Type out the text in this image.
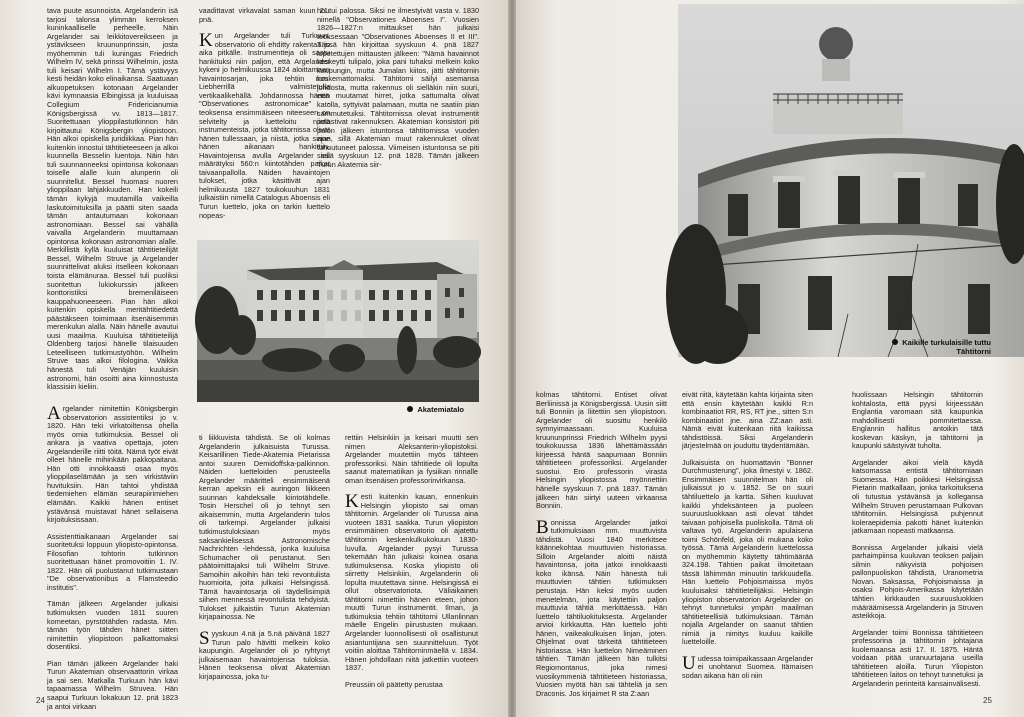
tava puute asunnoista. Argelanderin isä tarjosi talonsa ylimmän kerroksen kuninkaalliselle perheelle. Näin Argelander sai leikkitovereikseen ja ystävikseen kruununprinssin, josta myöhemmin tuli kuningas Friedrich Wilhelm IV, sekä prinssi Wilhelmin, josta tuli keisari Wilhelm I. Tämä ystävyys kesti heidän koko elinaikansa. Saatuaan alkuopetuksen kotonaan Argelander kävi kymnaasia Elbingissä ja kuuluisaa Collegium Fridericianumia Königsbergissä vv. 1813—1817. Suoritettuaan ylioppilastutkinnon hän kirjoittautui Königsbergin yliopistoon. Hän alkoi opiskella juridiikkaa. Pian hän kuitenkin innostui tähtitieteeseen ja alkoi kuunnella Besselin luentoja. Näin hän tuli suunnanneeksi opintonsa kokonaan toiselle alalle kuin alunperin oli suunnitellut. Bessel huomasi nuoren ylioppilaan lahjakkuuden. Han kokeili tämän kykyjä muutamilla vaikeilla laskutoimituksilla ja päätti siten saada tämän antautumaan kokonaan astronomiaan. Bessel sai vähällä vaivalla Argelanderin muuttamaan opintonsa kokonaan astronomian alalle. Merkillistä kyllä kuuluisat tähtitieteilijät Bessel, Wilhelm Struve ja Argelander suunnittelivat aluksi itselleen kokonaan toista elämänuraa. Bessel tuli puoliksi suoritettun lukiokurssin jälkeen konttoristiksi bremeniläiseen kauppahuoneeseen. Pian hän alkoi kuitenkin opiskella meritähtitiedettä päästäkseen toimimaan itsenäisemmin merenkulun alalla. Näin hänelle avautui uusi maailma. Kuuluisa tähtitieteilijä Oldenberg tarjosi hänelle tilaisuuden Leteelliseen tutkimustyöhön. Wilhelm Struve taas alkoi filologina. Vaikka hänestä tuli Venäjän kuuluisin astronomi, hän osoitti aina kiinnostusta klassisiin kieliin.

Argelander nimitettiin Königsbergin observatorion assistentiksi jo v. 1820. Hän teki virkatoiltensa ohella myös omia tutkimuksia. Bessel oli ankara ja vaativa opettaja, joten Argelanderille riitti töitä. Nämä työt eivät olleet hänelle mihinkään pakkopaitana. Hän otti innokkaasti osaa myös ylioppilaselämään ja sen virkistäviin huvituksiin. Hän tahtoi yhdistää tiedemiehen elämän seurapiirimiehen elämään. Kaikki hänen entiset ystävänsä muistavat hänet sellaisena kirjoituksissaan.

Assistenttiaikanaan Argelander sai suoritetuksi loppuun yliopisto-opintonsa. Filosofian tohtorin tutkinnon suoritettuaan hänet promovoitiin 1. IV. 1822. Hän oli puolustanut tutkimustaan "De observationibus a Flamsteedio institutis".

Tämän jälkeen Argelander julkaisi tutkimuksen vuoden 1811 suuren komeetan, pyrstötähden radasta. Mm. tämän työn tähden hänet siitten nimitettiin yliopistoon palkattomaksi dosentiksi.

Pian tämän jälkeen Argelander haki Turun Akatemian observaattorin virkaa ja sai sen. Matkalla Turkuun hän kävi tapaamassa Wilhelm Struvea. Hän saapui Turkuun lokakuun 12. pnä 1823 ja antoi virkaan

vaadittavat virkavalat saman kuun 21. pnä.

Kun Argelander tuli Turkuun, observatorio oli ehditty rakentaa jo aika pitkälle. Instrumentteja oli saatu hankituksi niin paljon, että Argelander kykeni jo helmikuussa 1824 aloittamaan havaintosarjan, joka tehtiin mm. Liebherrillä valmistetulla vertikaalikehällä. Johdannossa hänen "Observationes astronomicae" -teoksensa ensimmäiseen niteeseen on selvitelty ja luetteloitu niistä instrumenteista, jotka tähtitornissa olivat hänen tullessaan, ja niistä, jotka sinne hänen aikanaan hankittiin. Havaintojensa avulla Argelander sai määrätyksi 560:n kiintotähden paikat taivaanpallolla. Näiden havaintojen tulokset, jotka käsittivät ajan helmikuusta 1827 toukokuuhun 1831 julkaistiin nimellä Catalogus Aboensis eli Turun luettelo, joka on tarkin luettelo nopeas-

houtui palossa. Siksi ne ilmestyivät vasta v. 1830 nimellä "Observationes Aboenses I". Vuosien 1826—1827:n mittaukset hän julkaisi teoksessaan "Observationes Aboenses II et III". Tässä hän kirjoittaa syyskuun 4. pnä 1827 lopetettujen mittausten jälkeen: "Nämä havainnot keskeytti tulipalo, joka pani tuhaksi melkein koko kaupungin, mutta Jumalan kiitos, jätti tähtitornin koskemattomaksi. Tähtitorni säilyi asemansa johdosta, mutta rakennus oli sielläkin niin suuri, että muutamat hirret, jotka sattumalta olivat katolla, syttyivät palamaan, mutta ne saatiin pian sammutetuiksi. Tähtitornissa olevat instrumentit pelastivat rakennuksen. Akatemian konsistori piti palon jälkeen istuntonsa tähtitornissa vuoden ajan, sillä Akatemian muut rakennukset olivat tuhoutuneet palossa. Viimeisen istuntonsa se piti siellä syyskuun 12. pnä 1828. Tämän jälkeen Turun Akatemia siir-

Akatemiatalo

ti liikkuvista tähdistä. Se oli kolmas Argelanderin julkaisuista Turussa. Keisarillinen Tiede-Akatemia Pietarissa antoi suuren Demidoffska-palkinnon. Näiden luetteloiden perusteella Argelander määritteli ensimmäisenä kerran apeksin eli auringon liikkeen suunnan kahdeksalle kiintotähdelle. Tosin Herschel oli jo tehnyt sen aikaisemmin, mutta Argelanderin tulos oli tarkempi. Argelander julkaisi tutkimustuloksiaan myös saksankielisessä Astronomische Nachrichten -lehdessä, jonka kuuluisa Schumacher oli perustanut. Sen päätoimittajaksi tuli Wilhelm Struve. Samoihin aikoihin hän teki revontulista huomioita, joita julkaisi Helsingissä. Tämä havaintosarja oli täydellisimpiä siihen mennessä revontulista tehdyistä. Tulokset julkaistiin Turun Akatemian kirjapainossa. Ne

Syyskuun 4.nä ja 5.nä päivänä 1827 Turun palo hävitti melkein koko kaupungin. Argelander oli jo ryhtynyt julkaisemaan havaintojensa tuloksia. Hänen teoksensa olivat Akatemian kirjapainossa, joka tu-

rettiin Helsinkiin ja keisari muutti sen nimen Aleksanterin-yliopistoksi. Argelander muutettiin myös tähteen professoriksi. Näin tähtitiede oli lopulta saanut matematiikan ja fysiikan rinnalle oman itsenäisen professorinvirkansa.

Kesti kuitenkin kauan, ennenkuin Helsingin yliopisto sai oman tähtitornin. Argelander oli Turussa aina vuoteen 1831 saakka. Turun yliopiston ensimmäinen observatorio oli ajatettu tähtitornin keskenkulkukokuun 1830-luvulla. Argelander pysyi Turussa tekemään hän julkaisi koinea osana tutkimuksensa. Koska yliopisto oli siirretty Helsinkiin, Argelanderin oli lopulta muutettava sinne. Helsingissä ei ollut observatoriota. Väliaikainen tähtitorni nimettiin hänen eteen, johon muutti Turun instrumentit. Ilman, ja tutkimuksia tehtiin tähtitorni Ullanlinnan mäelle Engelin piirustusten mukaan. Argelander luonnollisesti oli osallistunut asiantuntijana sen suunnitteluun. Työt voitiin aloittaa Tähtitorninmäellä v. 1834. Hänen johdollaan niitä jatkettiin vuoteen 1837.

Preussiin oli päätetty perustaa

24
Kaikille turkulaisille tuttu
Tähtitorni

kolmas tähtitorni. Entiset olivat Berliinissä ja Königsbergissä. Uusin siitt tuli Bonniin ja liitettiin sen yliopistoon. Argelander oli suosittu henkilö symnyimaassaan. Kuuluisa kruununprinssi Friedrich Wilhelm pyysi toukokuussa 1836 lähettämässään kirjeessä häntä saapumaan Bonniin tähtitieteen professoriksi. Argelander suostui. Ero professorin virasta Helsingin yliopistossa myönnettiin hänelle syyskuun 7. pnä 1837. Tämän jälkeen hän siirtyi uuteen virkaansa Bonniin.

Bonnissa Argelander jatkoi tutkimuksiaan mm. muuttuvista tähdistä. Vuosi 1840 merkitsee käännekohtaa muuttuvien historiassa. Silloin Argelander aloitti näistä havaintonsa, joita jatkoi innokkaasti koko ikänsä. Näin hänestä tuli muuttuvien tähtien tutkimuksen perustaja. Hän keksi myös uuden menetelmän, jota käytettiin paljon muuttuvia tähtiä merkittäessä. Hän luettelo tähtiluokituksesta. Argelander arvioi kirkkautta. Hän luettelo johti hänen, vaikeakulkuisen linjan, joten. Ohjelmat ovat tärkeitä tähtitieteen historiassa. Hän luettelon Nimeäminen tähtien. Tämän jälkeen hän tulkitsi Regiomontanus, joka nimesi vuosikymmeniä tähtitieteen historiassa, Vuosien myötä hän sai tähteliä ja sen Draconis. Jos kirjaimet R sta Z:aan

eivät riitä, käytetään kahta kirjainta siten että ensin käytetään kaikki R:n kombinaatiot RR, RS, RT jne., sitten S:n kombinaatiot jne. aina ZZ:aan asti. Nämä eivät kuitenkaan riitä kaikissa tähdistöissä. Siksi Argelanderin järjestelmää on jouduttu täydentämään.

Julkaisuista on huomattavin "Bonner Durchmusterung", joka ilmestyi v. 1862. Ensimmäisen suunnitelman hän oli julkaissut jo v. 1852. Se on suuri tähtiluettelo ja kartta. Siihen kuuluvat kaikki yhdeksänteen ja puoleen suuruusluokkaan asti olevat tähdet taivaan pohjoisella puoliskolla. Tämä oli valtava työ. Argelanderin apulaisena toimi Schönfeld, joka oli mukana koko työssä. Tämä Argelanderin luettelossa on myöhemmin käytetty tähtimäärää 324.198. Tähtien paikat ilmoitetaan tässä lähimmän minuutin tarkkuudella. Hän luettelo Pohjoismaissa myös kuuluisaksi tähtitieteilijäksi. Helsingin yliopiston observatorion Argelander on tehnyt tunnetuksi ympäri maailman tähtitieteellisiä tutkimuksiaan. Tämän nojalla Argelander on saanut tähtien nimiä ja nimitys kuuluu kaikille luetteloille.

Uudessa toimipaikassaan Argelander ei unohtanut Suomea. Itämaisen sodan aikana hän oli niin

huolissaan Helsingin tähtitornin kohtalosta, että pyysi kirjeessään Englantia varomaan sitä kaupunkia mahdollisesti pommitettaessa. Englannin hallitus antoikin tätä koskevan käskyn, ja tähtitorni ja kaupunki säästyivät tuholta.

Argelander aikoi vielä käydä katsomassa entistä tähtitorniaan Suomessa. Hän poikkesi Helsingissä Pietarin matkallaan, jonka tarkoituksena oli tutustua ystävänsä ja kollegansa Wilhelm Struven perustamaan Pulkovan tähtitorniin. Helsingissä puhjennut koleraepidemia pakotti hänet kuitenkin jatkamaan nopeasti matkaansa.

Bonnissa Argelander julkaisi vielä parhaimpiinsa kuuluvan teoksen paljain silmin näkyvistä pohjoisen pallonpuoliskon tähdistä, Uranometria Novan. Saksassa, Pohjoismaissa ja osaksi Pohjois-Amerikassa käytetään tähtien kirkkauden suuruusluokkien määräämisessä Argelanderin ja Struven asteikkoja.

Argelander toimi Bonnissa tähtitieteen professorina ja tähtitornin johtajana kuolemaansa asti 17. II. 1875. Häntä voidaan pitää uranuurtajana useilla tähtitieteen aloilla. Turun Yliopiston tähtitieteen laitos on tehnyt tunnetuksi ja Argelanderin perinteitä kansainvälisesti.

25
